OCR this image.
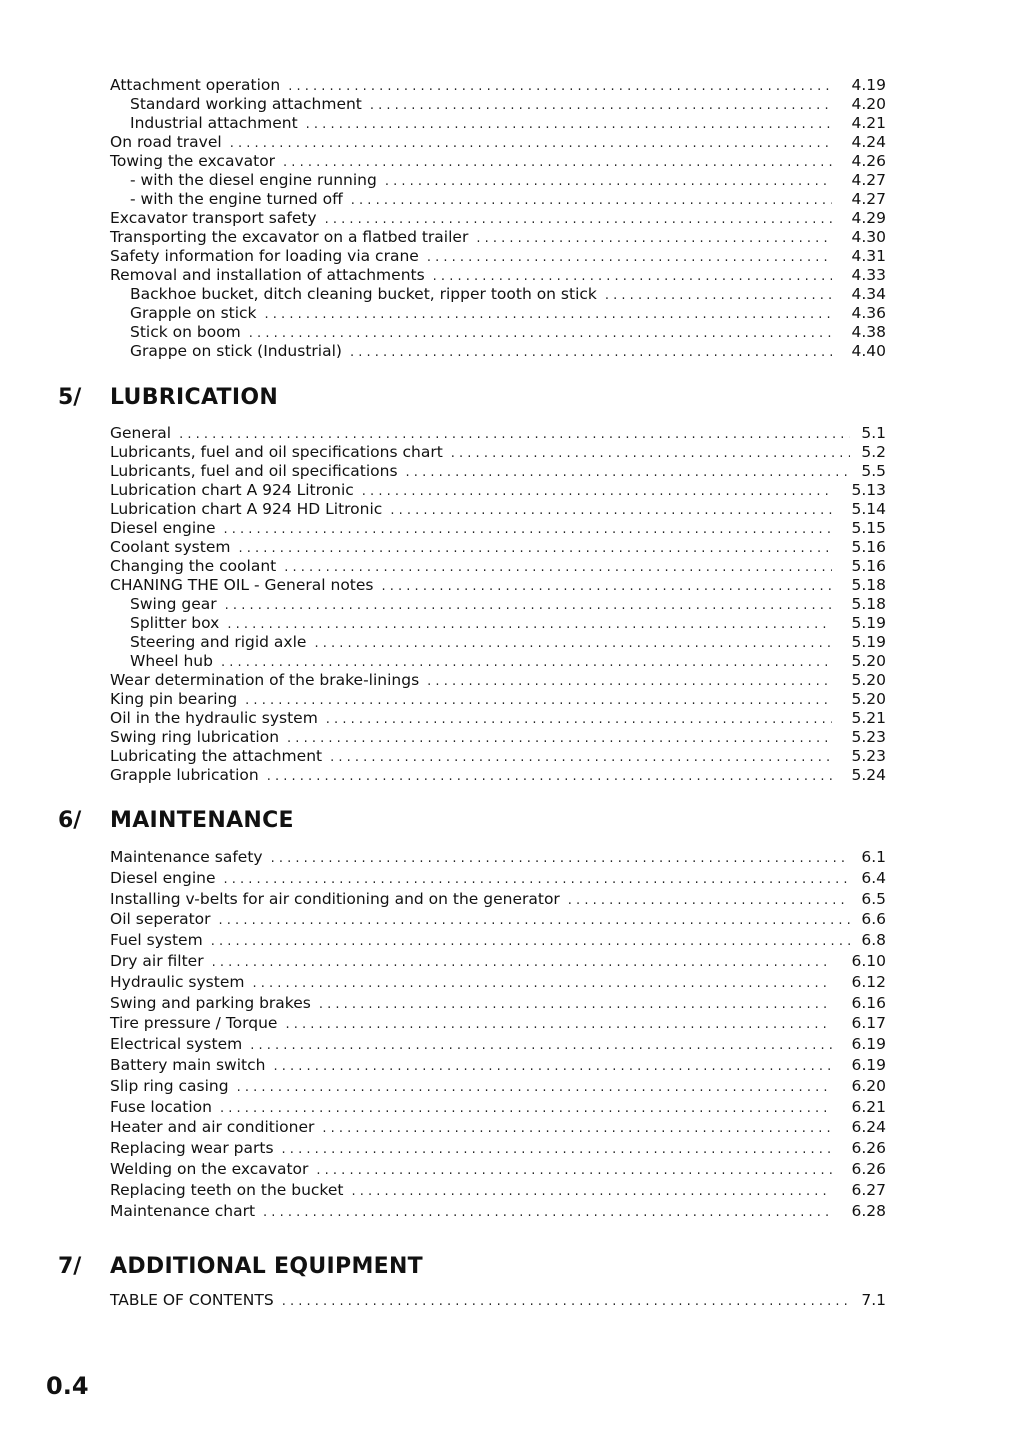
Attachment operation . . .	4.19
Standard working attachment . . .	4.20
Industrial attachment . . .	4.21
On road travel . . .	4.24
Towing the excavator . . .	4.26
- with the diesel engine running . . .	4.27
- with the engine turned off . . .	4.27
Excavator transport safety . . .	4.29
Transporting the excavator on a flatbed trailer . . .	4.30
Safety information for loading via crane . . .	4.31
Removal and installation of attachments . . .	4.33
Backhoe bucket, ditch cleaning bucket, ripper tooth on stick . . .	4.34
Grapple on stick . . .	4.36
Stick on boom . . .	4.38
Grappe on stick (Industrial) . . .	4.40
5/ LUBRICATION
General . . .	5.1
Lubricants, fuel and oil specifications chart . . .	5.2
Lubricants, fuel and oil specifications . . .	5.5
Lubrication chart A 924 Litronic . . .	5.13
Lubrication chart A 924 HD Litronic . . .	5.14
Diesel engine . . .	5.15
Coolant system . . .	5.16
Changing the coolant . . .	5.16
CHANING THE OIL - General notes . . .	5.18
Swing gear . . .	5.18
Splitter box . . .	5.19
Steering and rigid axle . . .	5.19
Wheel hub . . .	5.20
Wear determination of the brake-linings . . .	5.20
King pin bearing . . .	5.20
Oil in the hydraulic system . . .	5.21
Swing ring lubrication . . .	5.23
Lubricating the attachment . . .	5.23
Grapple lubrication . . .	5.24
6/ MAINTENANCE
Maintenance safety . . .	6.1
Diesel engine . . .	6.4
Installing v-belts for air conditioning and on the generator . . .	6.5
Oil seperator . . .	6.6
Fuel system . . .	6.8
Dry air filter . . .	6.10
Hydraulic system . . .	6.12
Swing and parking brakes . . .	6.16
Tire pressure / Torque . . .	6.17
Electrical system . . .	6.19
Battery main switch . . .	6.19
Slip ring casing . . .	6.20
Fuse location . . .	6.21
Heater and air conditioner . . .	6.24
Replacing wear parts . . .	6.26
Welding on the excavator . . .	6.26
Replacing teeth on the bucket . . .	6.27
Maintenance chart . . .	6.28
7/ ADDITIONAL EQUIPMENT
TABLE OF CONTENTS . . .	7.1
0.4
